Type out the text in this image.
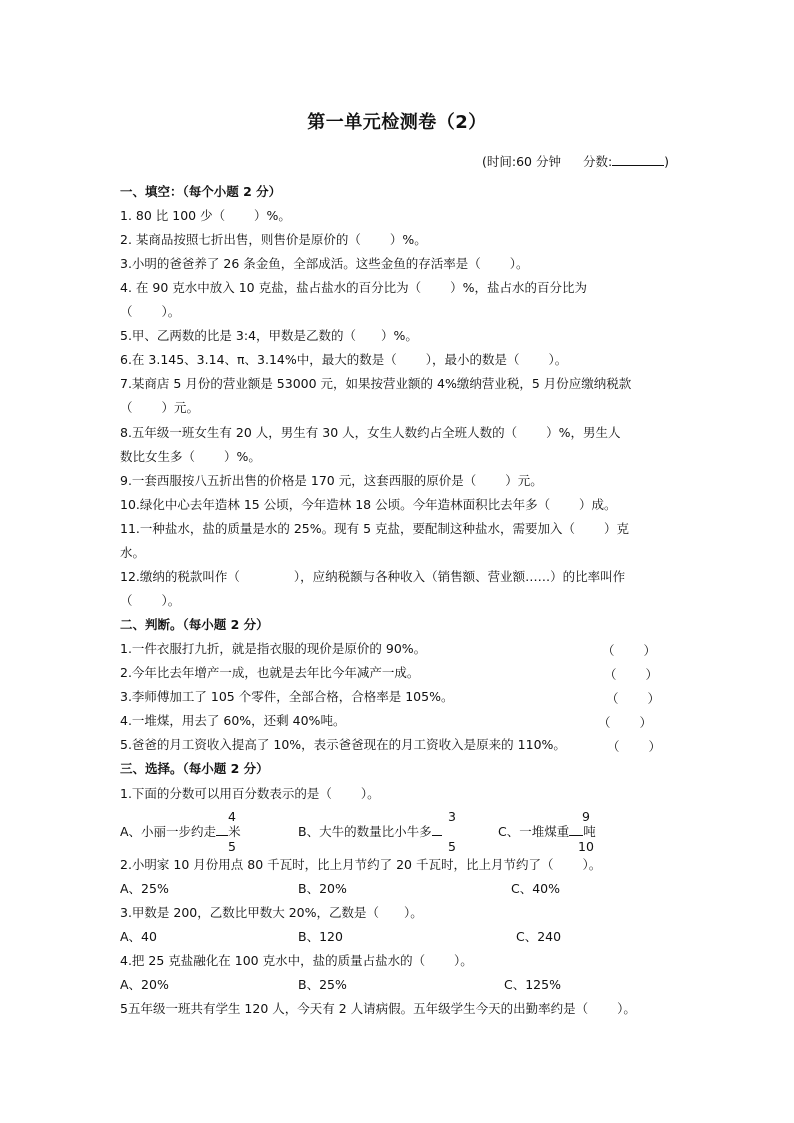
第一单元检测卷（2）
(时间:60 分钟 分数:	)
一、填空：（每个小题 2 分）
1. 80 比 100 少（　　 ）%。
2. 某商品按照七折出售，则售价是原价的（　　 ）%。
3.小明的爸爸养了 26 条金鱼，全部成活。这些金鱼的存活率是（　　 ）。
4. 在 90 克水中放入 10 克盐，盐占盐水的百分比为（　　 ）%，盐占水的百分比为
（　　 ）。
5.甲、乙两数的比是 3:4，甲数是乙数的（　　）%。
6.在 3.145、3.14、π、3.14%中，最大的数是（　　 ），最小的数是（　　 ）。
7.某商店 5 月份的营业额是 53000 元，如果按营业额的 4%缴纳营业税，5 月份应缴纳税款
（　　 ）元。
8.五年级一班女生有 20 人，男生有 30 人，女生人数约占全班人数的（　　 ）%，男生人
数比女生多（　　 ）%。
9.一套西服按八五折出售的价格是 170 元，这套西服的原价是（　　 ）元。
10.绿化中心去年造林 15 公顷，今年造林 18 公顷。今年造林面积比去年多（　　 ）成。
11.一种盐水，盐的质量是水的 25%。现有 5 克盐，要配制这种盐水，需要加入（　　 ）克
水。
12.缴纳的税款叫作（　　　　 ），应纳税额与各种收入（销售额、营业额……）的比率叫作
（　　 ）。
二、判断。（每小题 2 分）
1.一件衣服打九折，就是指衣服的现价是原价的 90%。	（　　 ）
2.今年比去年增产一成，也就是去年比今年减产一成。	（　　 ）
3.李师傅加工了 105 个零件，全部合格，合格率是 105%。	（　　 ）
4.一堆煤，用去了 60%，还剩 40%吨。	（　　 ）
5.爸爸的月工资收入提高了 10%，表示爸爸现在的月工资收入是原来的 110%。	（　　 ）
三、选择。（每小题 2 分）
1.下面的分数可以用百分数表示的是（　　 ）。
4	3	9
A、小丽一步约走 米	B、大牛的数量比小牛多	C、一堆煤重 吨
5	5	10
2.小明家 10 月份用点 80 千瓦时，比上月节约了 20 千瓦时，比上月节约了（　　 ）。
A、25%	B、20%	C、40%
3.甲数是 200，乙数比甲数大 20%，乙数是（　　）。
A、40	B、120	C、240
4.把 25 克盐融化在 100 克水中，盐的质量占盐水的（　　 ）。
A、20%	B、25%	C、125%
5五年级一班共有学生 120 人，今天有 2 人请病假。五年级学生今天的出勤率约是（　　 ）。
